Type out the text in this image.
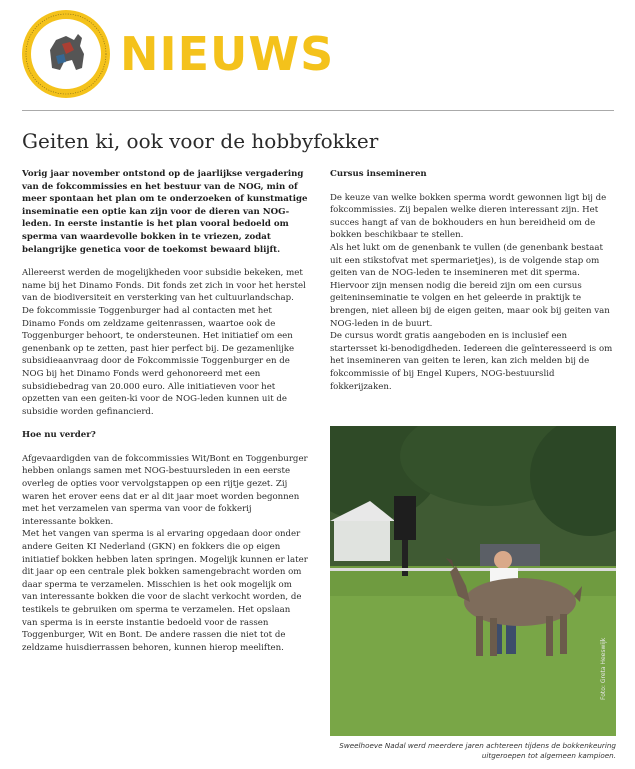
NIEUWS
Geiten ki, ook voor de hobbyfokker

Vorig jaar november ontstond op de jaarlijkse vergadering van de fokcommissies en het bestuur van de NOG, min of meer spontaan het plan om te onderzoeken of kunstmatige inseminatie een optie kan zijn voor de dieren van NOG-leden. In eerste instantie is het plan vooral bedoeld om sperma van waardevolle bokken in te vriezen, zodat belangrijke genetica voor de toekomst bewaard blijft.

Allereerst werden de mogelijkheden voor subsidie bekeken, met name bij het Dinamo Fonds. Dit fonds zet zich in voor het herstel van de biodiversiteit en versterking van het cultuurlandschap. De fokcommissie Toggenburger had al contacten met het Dinamo Fonds om zeldzame geitenrassen, waartoe ook de Toggenburger behoort, te ondersteunen. Het initiatief om een genenbank op te zetten, past hier perfect bij. De gezamenlijke subsidieaanvraag door de Fokcommissie Toggenburger en de NOG bij het Dinamo Fonds werd gehonoreerd met een subsidiebedrag van 20.000 euro. Alle initiatieven voor het opzetten van een geiten-ki voor de NOG-leden kunnen uit de subsidie worden gefinancierd.

Hoe nu verder?

Afgevaardigden van de fokcommissies Wit/Bont en Toggenburger hebben onlangs samen met NOG-bestuursleden in een eerste overleg de opties voor vervolgstappen op een rijtje gezet. Zij waren het erover eens dat er al dit jaar moet worden begonnen met het verzamelen van sperma van voor de fokkerij interessante bokken.

Met het vangen van sperma is al ervaring opgedaan door onder andere Geiten KI Nederland (GKN) en fokkers die op eigen initiatief bokken hebben laten springen. Mogelijk kunnen er later dit jaar op een centrale plek bokken samengebracht worden om daar sperma te verzamelen. Misschien is het ook mogelijk om van interessante bokken die voor de slacht verkocht worden, de testikels te gebruiken om sperma te verzamelen. Het opslaan van sperma is in eerste instantie bedoeld voor de rassen Toggenburger, Wit en Bont. De andere rassen die niet tot de zeldzame huisdierrassen behoren, kunnen hierop meeliften.

Cursus insemineren

De keuze van welke bokken sperma wordt gewonnen ligt bij de fokcommissies. Zij bepalen welke dieren interessant zijn. Het succes hangt af van de bokhouders en hun bereidheid om de bokken beschikbaar te stellen.

Als het lukt om de genenbank te vullen (de genenbank bestaat uit een stikstofvat met spermarietjes), is de volgende stap om geiten van de NOG-leden te insemineren met dit sperma. Hiervoor zijn mensen nodig die bereid zijn om een cursus geiteninseminatie te volgen en het geleerde in praktijk te brengen, niet alleen bij de eigen geiten, maar ook bij geiten van NOG-leden in de buurt.

De cursus wordt gratis aangeboden en is inclusief een startersset ki-benodigdheden. Iedereen die geïnteresseerd is om het insemineren van geiten te leren, kan zich melden bij de fokcommissie of bij Engel Kupers, NOG-bestuurslid fokkerijzaken.

Foto: Greta Heeswijk
Sweelhoeve Nadal werd meerdere jaren achtereen tijdens de bokkenkeuring
uitgeroepen tot algemeen kampioen.
